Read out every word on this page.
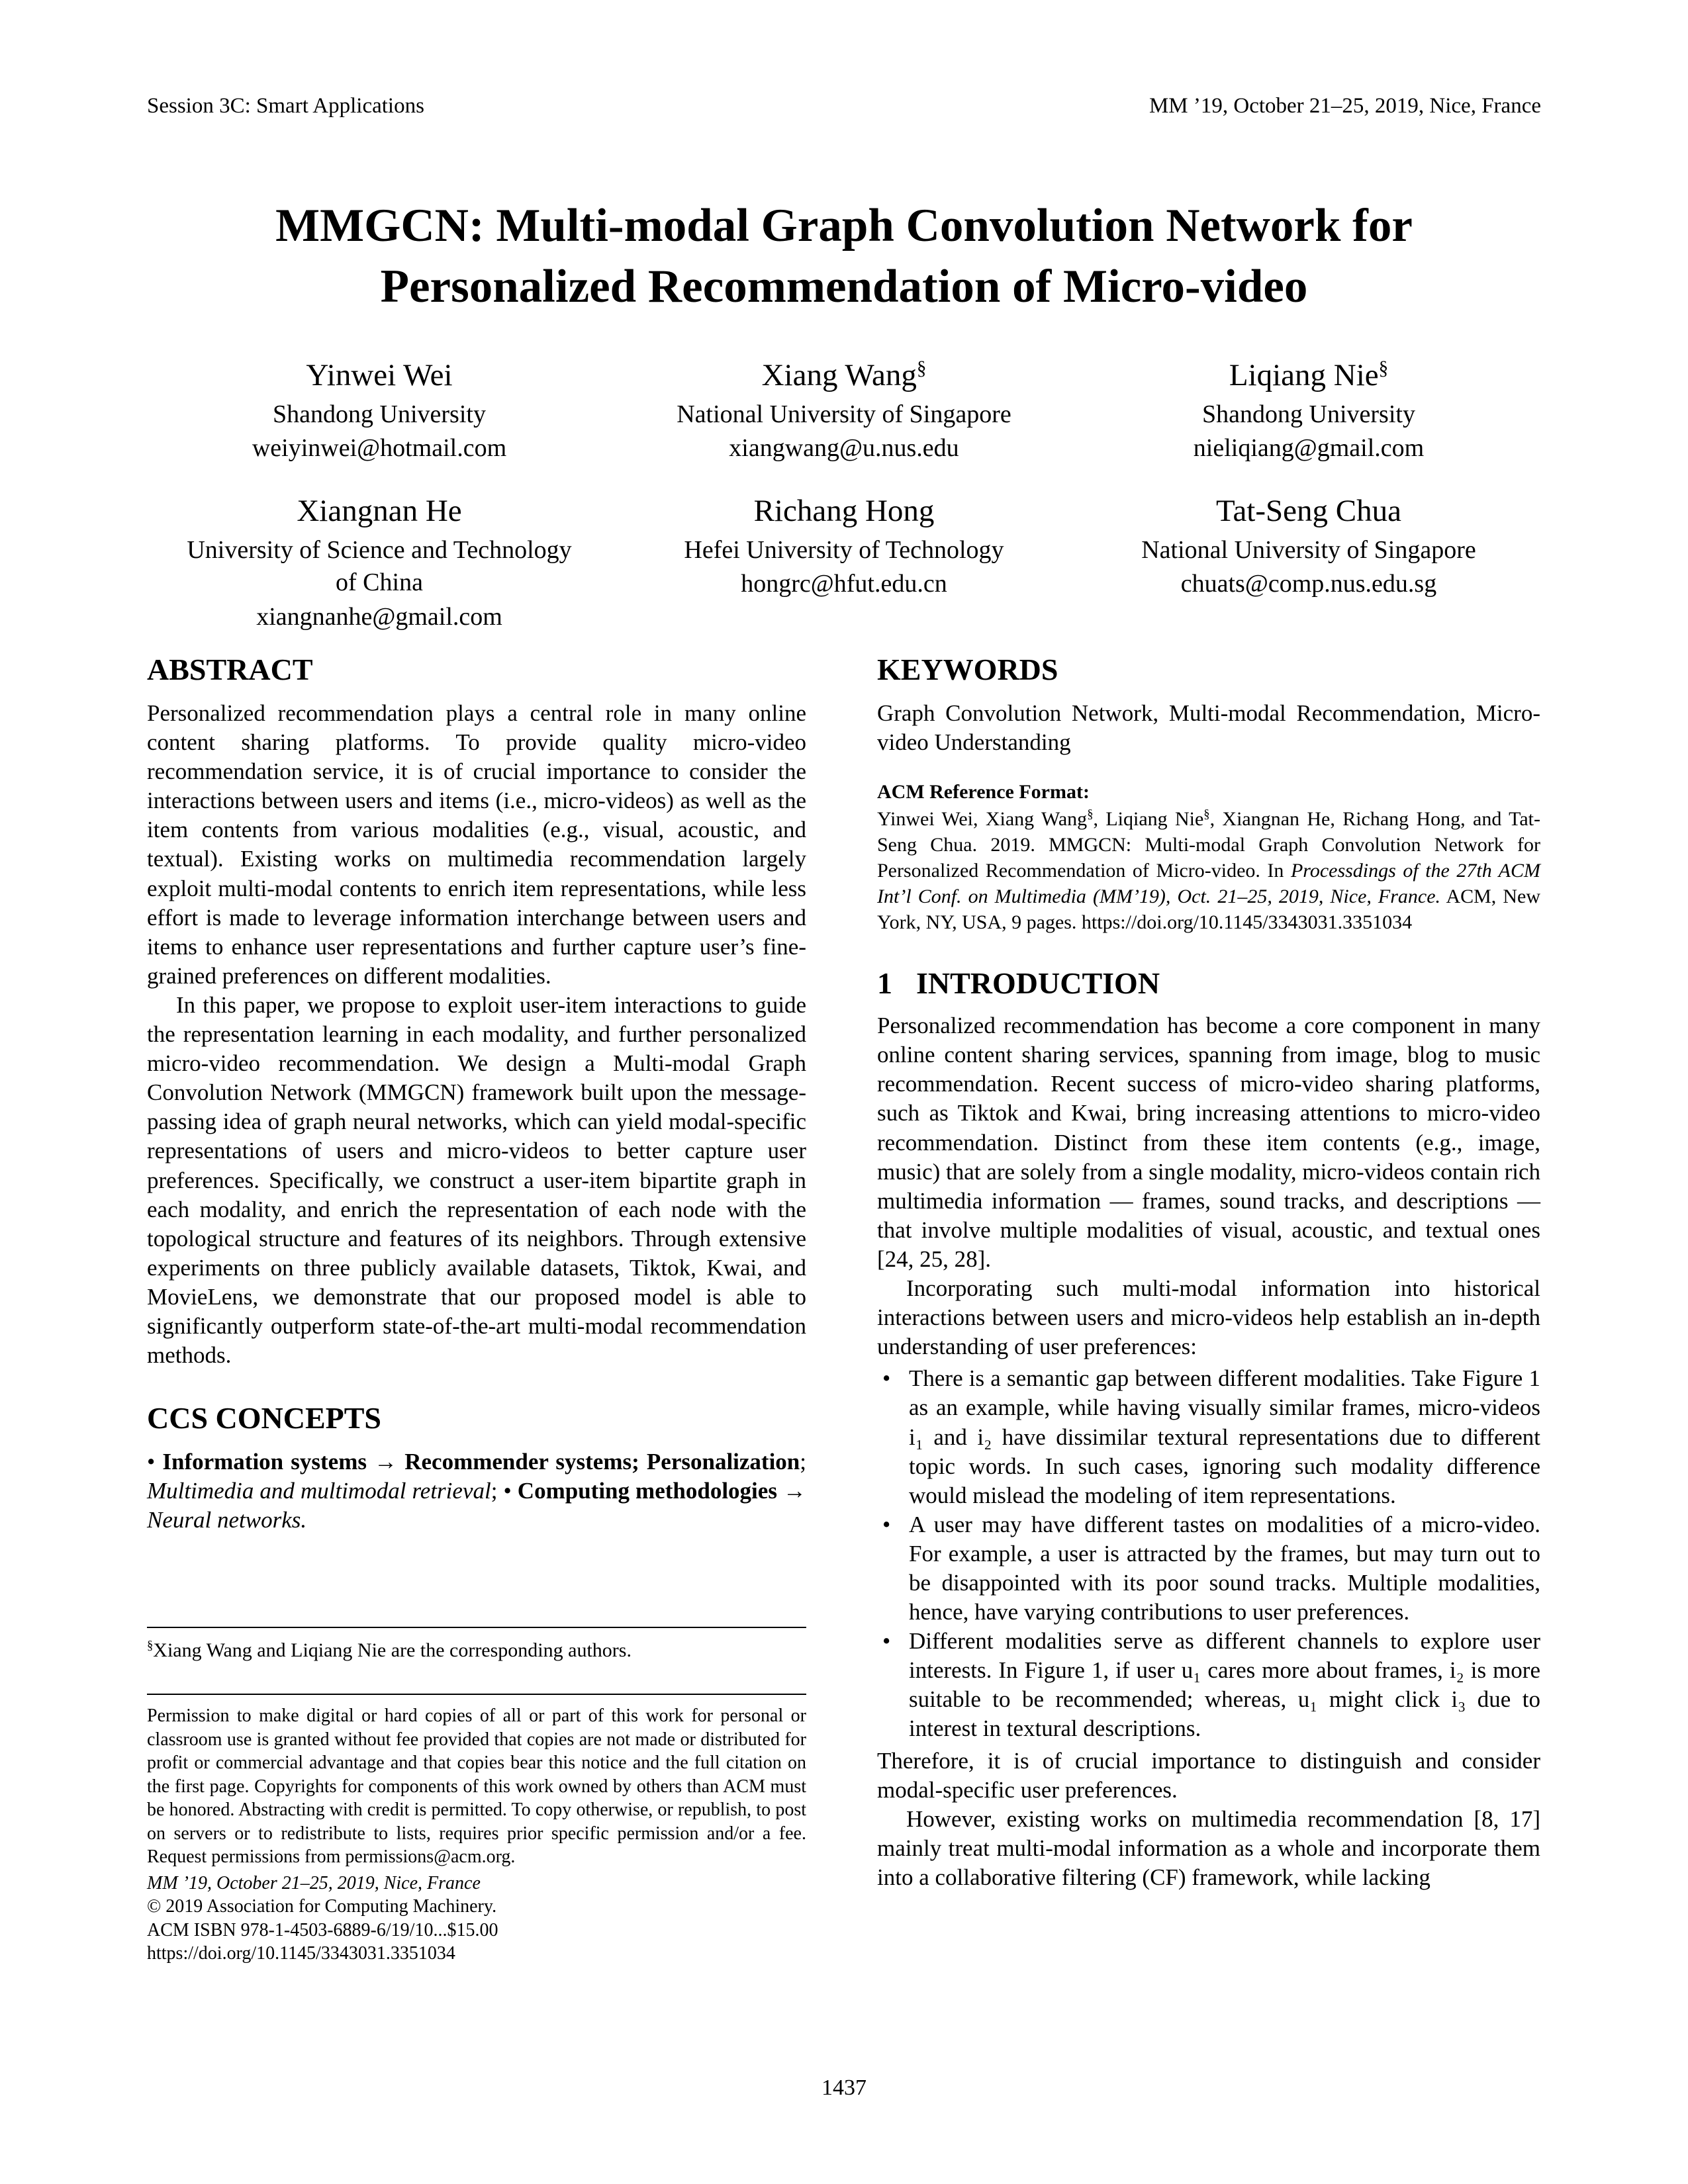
Session 3C: Smart Applications	MM ’19, October 21–25, 2019, Nice, France
MMGCN: Multi-modal Graph Convolution Network for
Personalized Recommendation of Micro-video
Yinwei Wei
Shandong University
weiyinwei@hotmail.com
Xiang Wang§
National University of Singapore
xiangwang@u.nus.edu
Liqiang Nie§
Shandong University
nieliqiang@gmail.com
Xiangnan He
University of Science and Technology
of China
xiangnanhe@gmail.com
Richang Hong
Hefei University of Technology
hongrc@hfut.edu.cn
Tat-Seng Chua
National University of Singapore
chuats@comp.nus.edu.sg
ABSTRACT

Personalized recommendation plays a central role in many online content sharing platforms. To provide quality micro-video recommendation service, it is of crucial importance to consider the interactions between users and items (i.e., micro-videos) as well as the item contents from various modalities (e.g., visual, acoustic, and textual). Existing works on multimedia recommendation largely exploit multi-modal contents to enrich item representations, while less effort is made to leverage information interchange between users and items to enhance user representations and further capture user’s fine-grained preferences on different modalities.

In this paper, we propose to exploit user-item interactions to guide the representation learning in each modality, and further personalized micro-video recommendation. We design a Multi-modal Graph Convolution Network (MMGCN) framework built upon the message-passing idea of graph neural networks, which can yield modal-specific representations of users and micro-videos to better capture user preferences. Specifically, we construct a user-item bipartite graph in each modality, and enrich the representation of each node with the topological structure and features of its neighbors. Through extensive experiments on three publicly available datasets, Tiktok, Kwai, and MovieLens, we demonstrate that our proposed model is able to significantly outperform state-of-the-art multi-modal recommendation methods.

CCS CONCEPTS

• Information systems → Recommender systems; Personalization; Multimedia and multimodal retrieval; • Computing methodologies → Neural networks.

§Xiang Wang and Liqiang Nie are the corresponding authors.

Permission to make digital or hard copies of all or part of this work for personal or classroom use is granted without fee provided that copies are not made or distributed for profit or commercial advantage and that copies bear this notice and the full citation on the first page. Copyrights for components of this work owned by others than ACM must be honored. Abstracting with credit is permitted. To copy otherwise, or republish, to post on servers or to redistribute to lists, requires prior specific permission and/or a fee. Request permissions from permissions@acm.org.

MM ’19, October 21–25, 2019, Nice, France

© 2019 Association for Computing Machinery.

ACM ISBN 978-1-4503-6889-6/19/10...$15.00

https://doi.org/10.1145/3343031.3351034

KEYWORDS

Graph Convolution Network, Multi-modal Recommendation, Micro-video Understanding

ACM Reference Format:

Yinwei Wei, Xiang Wang§, Liqiang Nie§, Xiangnan He, Richang Hong, and Tat-Seng Chua. 2019. MMGCN: Multi-modal Graph Convolution Network for Personalized Recommendation of Micro-video. In Processdings of the 27th ACM Int’l Conf. on Multimedia (MM’19), Oct. 21–25, 2019, Nice, France. ACM, New York, NY, USA, 9 pages. https://doi.org/10.1145/3343031.3351034

1 INTRODUCTION

Personalized recommendation has become a core component in many online content sharing services, spanning from image, blog to music recommendation. Recent success of micro-video sharing platforms, such as Tiktok and Kwai, bring increasing attentions to micro-video recommendation. Distinct from these item contents (e.g., image, music) that are solely from a single modality, micro-videos contain rich multimedia information — frames, sound tracks, and descriptions — that involve multiple modalities of visual, acoustic, and textual ones [24, 25, 28].

Incorporating such multi-modal information into historical interactions between users and micro-videos help establish an in-depth understanding of user preferences:

• There is a semantic gap between different modalities. Take Figure 1 as an example, while having visually similar frames, micro-videos i₁ and i₂ have dissimilar textural representations due to different topic words. In such cases, ignoring such modality difference would mislead the modeling of item representations.
• A user may have different tastes on modalities of a micro-video. For example, a user is attracted by the frames, but may turn out to be disappointed with its poor sound tracks. Multiple modalities, hence, have varying contributions to user preferences.
• Different modalities serve as different channels to explore user interests. In Figure 1, if user u₁ cares more about frames, i₂ is more suitable to be recommended; whereas, u₁ might click i₃ due to interest in textural descriptions.

Therefore, it is of crucial importance to distinguish and consider modal-specific user preferences.

However, existing works on multimedia recommendation [8, 17] mainly treat multi-modal information as a whole and incorporate them into a collaborative filtering (CF) framework, while lacking

1437
